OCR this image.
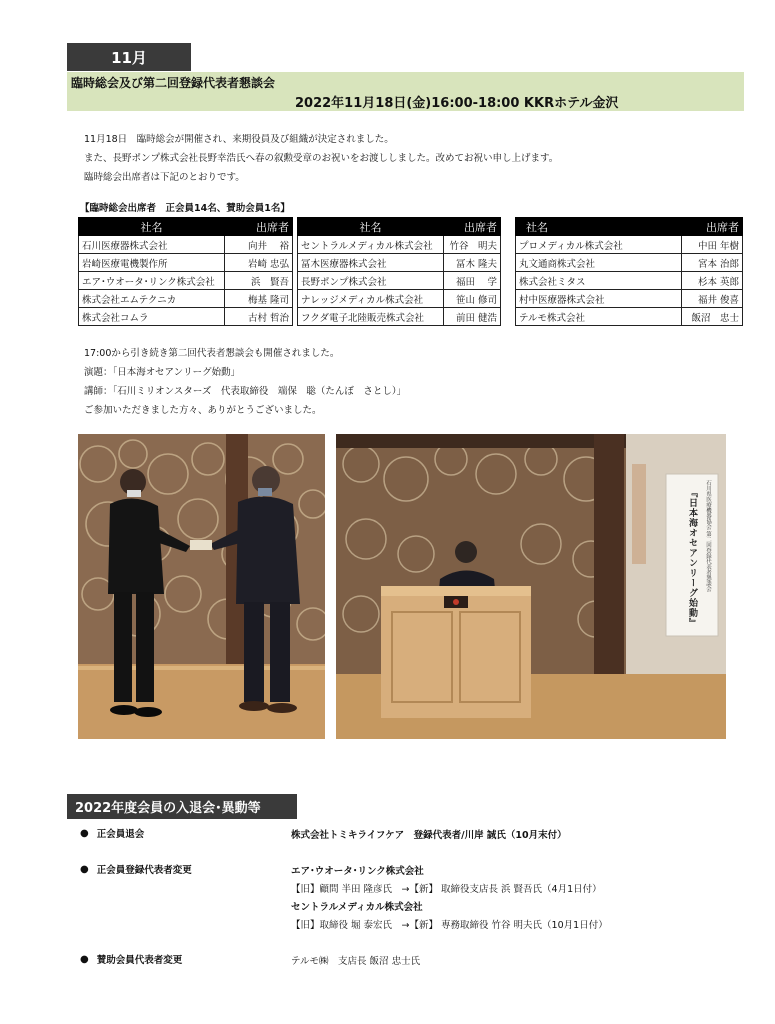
11月
臨時総会及び第二回登録代表者懇談会
2022年11月18日(金)16:00-18:00 KKRホテル金沢

11月18日　臨時総会が開催され、来期役員及び組織が決定されました。

また、長野ポンプ株式会社長野幸浩氏へ春の叙勲受章のお祝いをお渡ししました。改めてお祝い申し上げます。

臨時総会出席者は下記のとおりです。

【臨時総会出席者　正会員14名、賛助会員1名】
社名	出席者
石川医療器株式会社	向井　 裕
岩崎医療電機製作所	岩崎 忠弘
エア･ウオータ･リンク株式会社	浜　賢吾
株式会社エムテクニカ	梅基 隆司
株式会社コムラ	古村 哲治
社名	出席者
セントラルメディカル株式会社	竹谷　明夫
冨木医療器株式会社	冨木 隆夫
長野ポンプ株式会社	福田　 学
ナレッジメディカル株式会社	笹山 修司
フクダ電子北陸販売株式会社	前田 健浩
社名	出席者
プロメディカル株式会社	中田 年樹
丸文通商株式会社	宮本 治郎
株式会社ミタス	杉本 英郎
村中医療器株式会社	福井 俊喜
テルモ株式会社	飯沼　忠士

17:00から引き続き第二回代表者懇談会も開催されました。

演題：「日本海オセアンリーグ始動」

講師：「石川ミリオンスターズ　代表取締役　端保　聡（たんぼ　さとし）」

ご参加いただきました方々、ありがとうございました。

『日本海オセアンリーグ始動』 石川県医療機器協会 第二回登録代表者懇談会
2022年度会員の入退会･異動等
● 正会員退会	株式会社トミキライフケア　登録代表者/川岸 誠氏（10月末付）
● 正会員登録代表者変更	エア･ウオータ･リンク株式会社
【旧】顧問 半田 隆彦氏　→【新】 取締役支店長 浜 賢吾氏（4月1日付）
セントラルメディカル株式会社
【旧】取締役 堀 泰宏氏　→【新】 専務取締役 竹谷 明夫氏（10月1日付）
● 賛助会員代表者変更	テルモ㈱　支店長 飯沼 忠士氏
